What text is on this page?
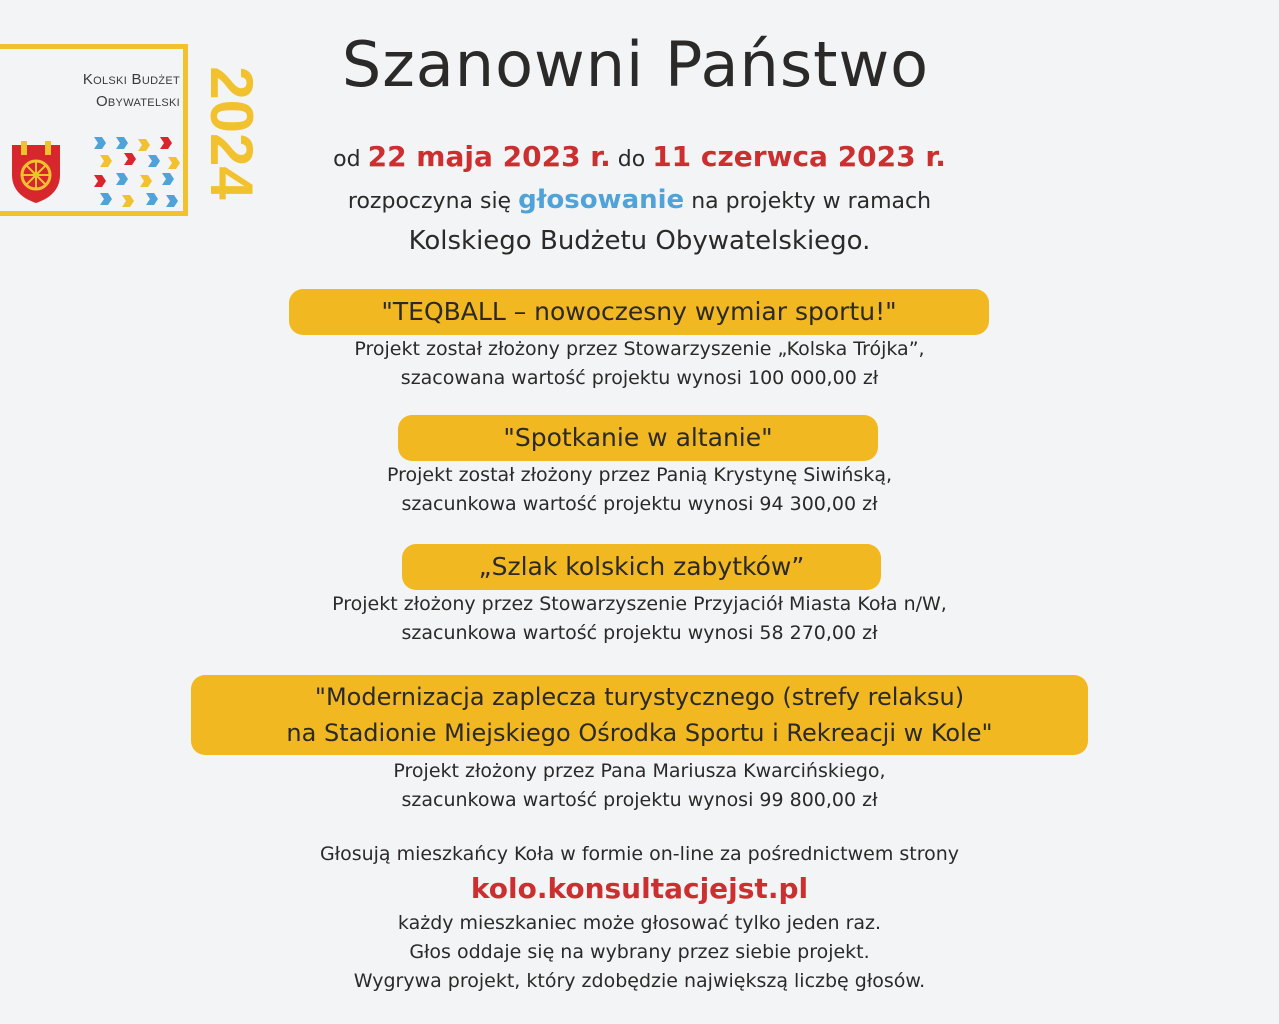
Kolski Budżet
Obywatelski 2024
Szanowni Państwo
od 22 maja 2023 r. do 11 czerwca 2023 r.
rozpoczyna się głosowanie na projekty w ramach
Kolskiego Budżetu Obywatelskiego.
"TEQBALL – nowoczesny wymiar sportu!"
Projekt został złożony przez Stowarzyszenie „Kolska Trójka”,
szacowana wartość projektu wynosi 100 000,00 zł
"Spotkanie w altanie"
Projekt został złożony przez Panią Krystynę Siwińską,
szacunkowa wartość projektu wynosi 94 300,00 zł
„Szlak kolskich zabytków”
Projekt złożony przez Stowarzyszenie Przyjaciół Miasta Koła n/W,
szacunkowa wartość projektu wynosi 58 270,00 zł
"Modernizacja zaplecza turystycznego (strefy relaksu)
na Stadionie Miejskiego Ośrodka Sportu i Rekreacji w Kole"
Projekt złożony przez Pana Mariusza Kwarcińskiego,
szacunkowa wartość projektu wynosi 99 800,00 zł
Głosują mieszkańcy Koła w formie on-line za pośrednictwem strony
kolo.konsultacjejst.pl
każdy mieszkaniec może głosować tylko jeden raz.
Głos oddaje się na wybrany przez siebie projekt.
Wygrywa projekt, który zdobędzie największą liczbę głosów.
